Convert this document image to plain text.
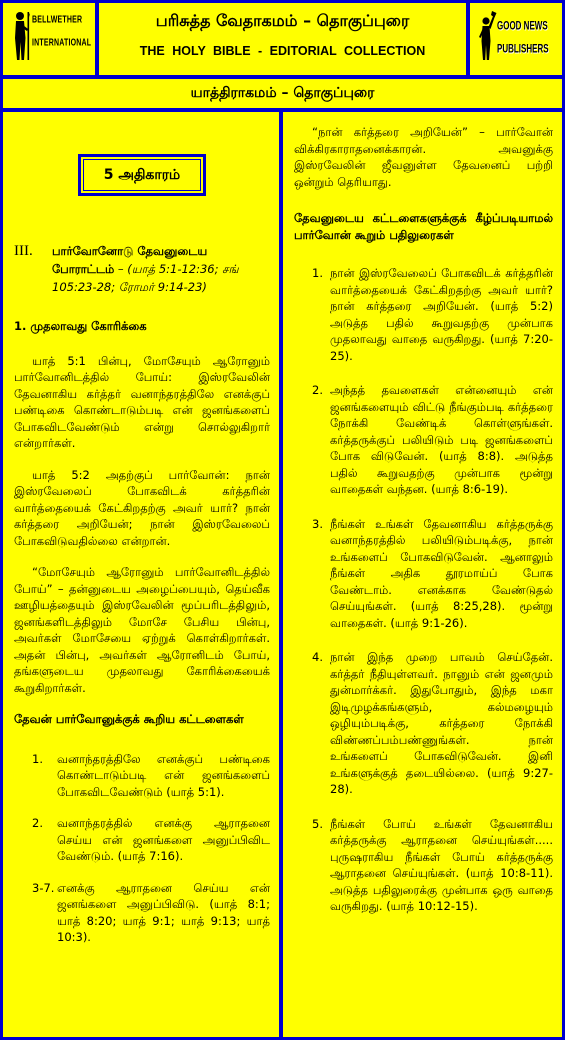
BELLWETHER
INTERNATIONAL
பரிசுத்த வேதாகமம் – தொகுப்புரை
THE HOLY BIBLE - EDITORIAL COLLECTION
GOOD NEWS
PUBLISHERS
யாத்திராகமம் – தொகுப்புரை
5 அதிகாரம்
III. பார்வோனோடு தேவனுடைய போராட்டம் – (யாத் 5:1-12:36; சங் 105:23-28; ரோமர் 9:14-23)
1. முதலாவது கோரிக்கை

யாத் 5:1 பின்பு, மோசேயும் ஆரோனும் பார்வோனிடத்தில் போய்: இஸ்ரவேலின் தேவனாகிய கர்த்தர் வனாந்தரத்திலே எனக்குப் பண்டிகை கொண்டாடும்படி என் ஜனங்களைப் போகவிடவேண்டும் என்று சொல்லுகிறார் என்றார்கள்.

யாத் 5:2 அதற்குப் பார்வோன்: நான் இஸ்ரவேலைப் போகவிடக் கர்த்தரின் வார்த்தையைக் கேட்கிறதற்கு அவர் யார்? நான் கர்த்தரை அறியேன்; நான் இஸ்ரவேலைப் போகவிடுவதில்லை என்றான்.

“மோசேயும் ஆரோனும் பார்வோனிடத்தில் போய்” – தன்னுடைய அழைப்பையும், தெய்வீக ஊழியத்தையும் இஸ்ரவேலின் மூப்பரிடத்திலும், ஜனங்களிடத்திலும் மோசே பேசிய பின்பு, அவர்கள் மோசேயை ஏற்றுக் கொள்கிறார்கள். அதன் பின்பு, அவர்கள் ஆரோனிடம் போய், தங்களுடைய முதலாவது கோரிக்கையைக் கூறுகிறார்கள்.

தேவன் பார்வோனுக்குக் கூறிய கட்டளைகள்
1. வனாந்தரத்திலே எனக்குப் பண்டிகை கொண்டாடும்படி என் ஜனங்களைப் போகவிடவேண்டும் (யாத் 5:1).
2. வனாந்தரத்தில் எனக்கு ஆராதனை செய்ய என் ஜனங்களை அனுப்பிவிட வேண்டும். (யாத் 7:16).
3-7. எனக்கு ஆராதனை செய்ய என் ஜனங்களை அனுப்பிவிடு. (யாத் 8:1; யாத் 8:20; யாத் 9:1; யாத் 9:13; யாத் 10:3).

“நான் கர்த்தரை அறியேன்” – பார்வோன் விக்கிரகாராதனைக்காரன். அவனுக்கு இஸ்ரவேலின் ஜீவனுள்ள தேவனைப் பற்றி ஒன்றும் தெரியாது.

தேவனுடைய கட்டளைகளுக்குக் கீழ்ப்படியாமல் பார்வோன் கூறும் பதிலுரைகள்
1. நான் இஸ்ரவேலைப் போகவிடக் கர்த்தரின் வார்த்தையைக் கேட்கிறதற்கு அவர் யார்? நான் கர்த்தரை அறியேன். (யாத் 5:2) அடுத்த பதில் கூறுவதற்கு முன்பாக முதலாவது வாதை வருகிறது. (யாத் 7:20-25).
2. அந்தத் தவளைகள் என்னையும் என் ஜனங்களையும் விட்டு நீங்கும்படி கர்த்தரை நோக்கி வேண்டிக் கொள்ளுங்கள். கர்த்தருக்குப் பலியிடும் படி ஜனங்களைப் போக விடுவேன். (யாத் 8:8). அடுத்த பதில் கூறுவதற்கு முன்பாக மூன்று வாதைகள் வந்தன. (யாத் 8:6-19).
3. நீங்கள் உங்கள் தேவனாகிய கர்த்தருக்கு வனாந்தரத்தில் பலியிடும்படிக்கு, நான் உங்களைப் போகவிடுவேன். ஆனாலும் நீங்கள் அதிக தூரமாய்ப் போக வேண்டாம். எனக்காக வேண்டுதல் செய்யுங்கள். (யாத் 8:25,28). மூன்று வாதைகள். (யாத் 9:1-26).
4. நான் இந்த முறை பாவம் செய்தேன். கர்த்தர் நீதியுள்ளவர். நானும் என் ஜனமும் துன்மார்க்கர். இதுபோதும், இந்த மகா இடிமுழக்கங்களும், கல்மழையும் ஒழியும்படிக்கு, கர்த்தரை நோக்கி விண்ணப்பம்பண்ணுங்கள். நான் உங்களைப் போகவிடுவேன். இனி உங்களுக்குத் தடையில்லை. (யாத் 9:27-28).
5. நீங்கள் போய் உங்கள் தேவனாகிய கர்த்தருக்கு ஆராதனை செய்யுங்கள்..... புருஷராகிய நீங்கள் போய் கர்த்தருக்கு ஆராதனை செய்யுங்கள். (யாத் 10:8-11). அடுத்த பதிலுரைக்கு முன்பாக ஒரு வாதை வருகிறது. (யாத் 10:12-15).
